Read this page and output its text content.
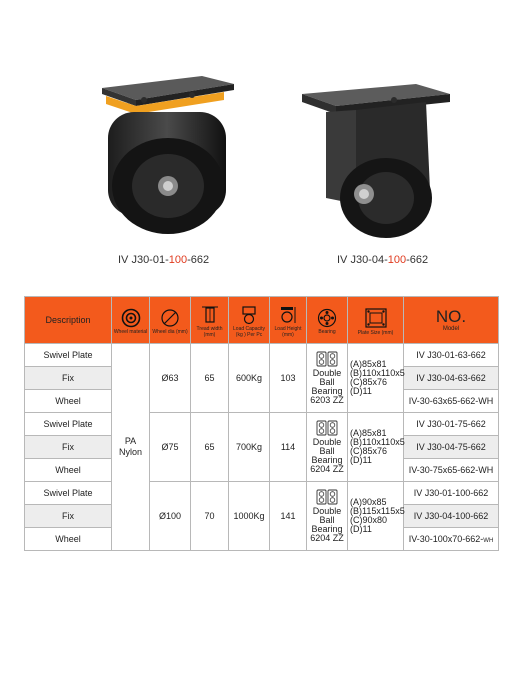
IV J30-01-100-662	IV J30-04-100-662
Description	Wheel material	Wheel dia (mm)	Tread width (mm)	Load Capacity (kg ) Per Pc	Load Height (mm)	Bearing	Plate Size (mm)	NO.
Model

Swivel Plate	PA
Nylon	Ø63	65	600Kg	103	Double Ball
Bearing
6203 ZZ	(A)85x81
(B)110x110x5
(C)85x76
(D)11	IV J30-01-63-662
Fix								IV J30-04-63-662
Wheel								IV-30-63x65-662-WH
Swivel Plate		Ø75	65	700Kg	114	Double Ball
Bearing
6204 ZZ	(A)85x81
(B)110x110x5
(C)85x76
(D)11	IV J30-01-75-662
Fix								IV J30-04-75-662
Wheel								IV-30-75x65-662-WH
Swivel Plate		Ø100	70	1000Kg	141	Double Ball
Bearing
6204 ZZ	(A)90x85
(B)115x115x5
(C)90x80
(D)11	IV J30-01-100-662
Fix								IV J30-04-100-662
Wheel								IV-30-100x70-662-WH
